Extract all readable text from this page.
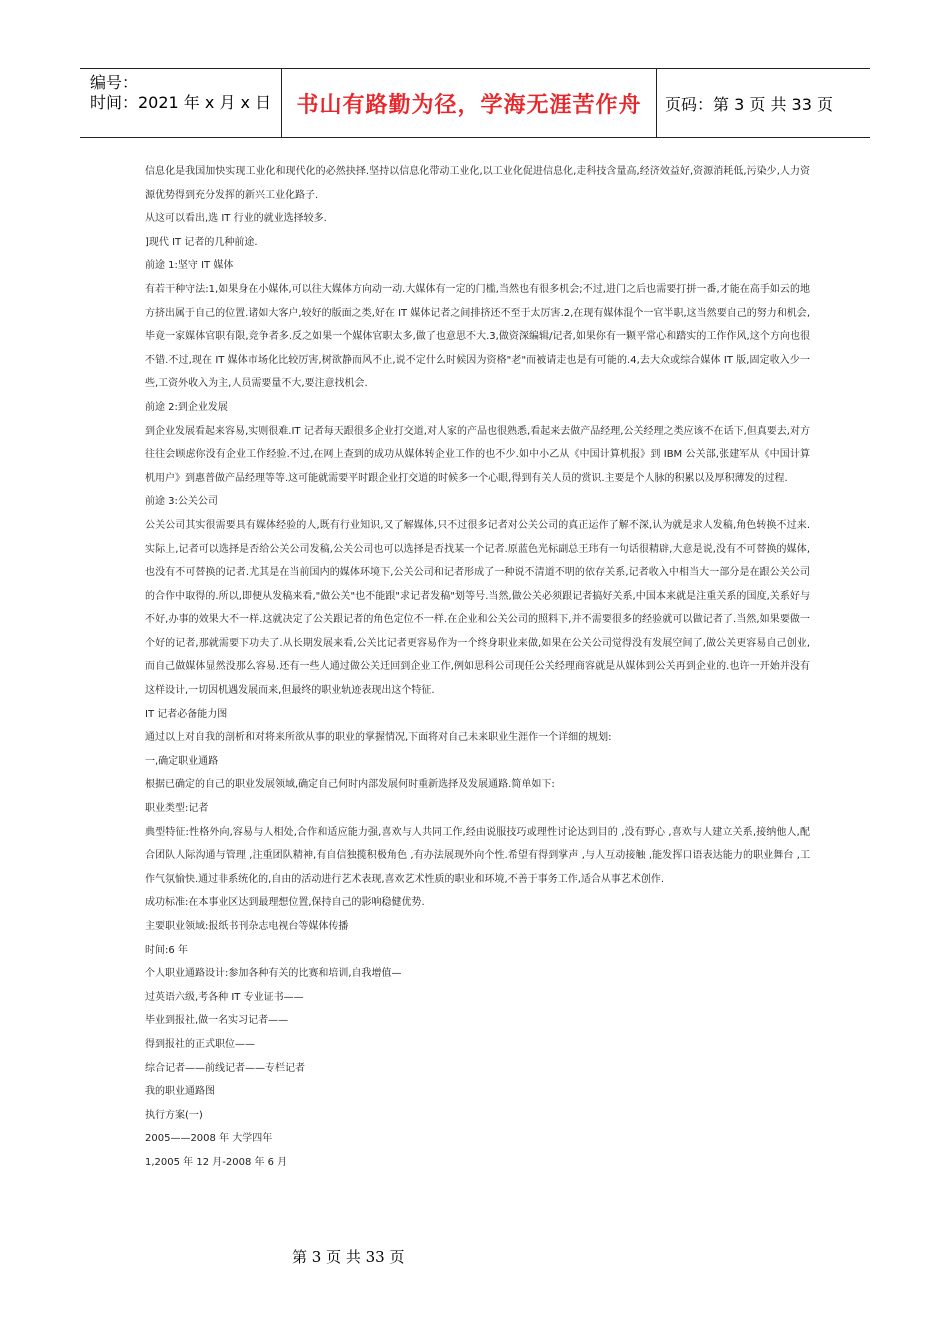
编号：
时间：2021 年 x 月 x 日	书山有路勤为径，学海无涯苦作舟	页码：第 3 页 共 33 页

信息化是我国加快实现工业化和现代化的必然抉择.坚持以信息化带动工业化,以工业化促进信息化,走科技含量高,经济效益好,资源消耗低,污染少,人力资源优势得到充分发挥的新兴工业化路子.

从这可以看出,选 IT 行业的就业选择较多.

]现代 IT 记者的几种前途.

前途 1:坚守 IT 媒体

有若干种守法:1,如果身在小媒体,可以往大媒体方向动一动.大媒体有一定的门槛,当然也有很多机会;不过,进门之后也需要打拼一番,才能在高手如云的地方挤出属于自己的位置.诸如大客户,较好的版面之类,好在 IT 媒体记者之间排挤还不至于太厉害.2,在现有媒体混个一官半职,这当然要自己的努力和机会,毕竟一家媒体官职有限,竞争者多.反之如果一个媒体官职太多,做了也意思不大.3,做资深编辑/记者,如果你有一颗平常心和踏实的工作作风,这个方向也很不错.不过,现在 IT 媒体市场化比较厉害,树欲静而风不止,说不定什么时候因为资格"老"而被请走也是有可能的.4,去大众或综合媒体 IT 版,固定收入少一些,工资外收入为主,人员需要量不大,要注意找机会.

前途 2:到企业发展

到企业发展看起来容易,实则很难.IT 记者每天跟很多企业打交道,对人家的产品也很熟悉,看起来去做产品经理,公关经理之类应该不在话下,但真要去,对方往往会顾虑你没有企业工作经验.不过,在网上查到的成功从媒体转企业工作的也不少.如中小乙从《中国计算机报》到 IBM 公关部,张建军从《中国计算机用户》到惠普做产品经理等等.这可能就需要平时跟企业打交道的时候多一个心眼,得到有关人员的赏识.主要是个人脉的积累以及厚积薄发的过程.

前途 3:公关公司

公关公司其实很需要具有媒体经验的人,既有行业知识,又了解媒体,只不过很多记者对公关公司的真正运作了解不深,认为就是求人发稿,角色转换不过来.实际上,记者可以选择是否给公关公司发稿,公关公司也可以选择是否找某一个记者.原蓝色光标副总王玮有一句话很精辟,大意是说,没有不可替换的媒体,也没有不可替换的记者.尤其是在当前国内的媒体环境下,公关公司和记者形成了一种说不清道不明的依存关系,记者收入中相当大一部分是在跟公关公司的合作中取得的.所以,即便从发稿来看,"做公关"也不能跟"求记者发稿"划等号.当然,做公关必须跟记者搞好关系,中国本来就是注重关系的国度,关系好与不好,办事的效果大不一样.这就决定了公关跟记者的角色定位不一样.在企业和公关公司的照料下,并不需要很多的经验就可以做记者了.当然,如果要做一个好的记者,那就需要下功夫了.从长期发展来看,公关比记者更容易作为一个终身职业来做,如果在公关公司觉得没有发展空间了,做公关更容易自己创业,而自己做媒体显然没那么容易.还有一些人通过做公关迁回到企业工作,例如思科公司现任公关经理商容就是从媒体到公关再到企业的.也许一开始并没有这样设计,一切因机遇发展而来,但最终的职业轨迹表现出这个特征.

IT 记者必备能力图

通过以上对自我的剖析和对将来所欲从事的职业的掌握情况,下面将对自己未来职业生涯作一个详细的规划:

一,确定职业通路

根据已确定的自己的职业发展领域,确定自己何时内部发展何时重新选择及发展通路.简单如下:

职业类型:记者

典型特征:性格外向,容易与人相处,合作和适应能力强,喜欢与人共同工作,经由说服技巧或理性讨论达到目的 ,没有野心 ,喜欢与人建立关系,接纳他人,配合团队人际沟通与管理 ,注重团队精神,有自信独揽积极角色 ,有办法展现外向个性.希望有得到掌声 ,与人互动接触 ,能发挥口语表达能力的职业舞台 ,工作气氛愉快.通过非系统化的,自由的活动进行艺术表现,喜欢艺术性质的职业和环境,不善于事务工作,适合从事艺术创作.

成功标准:在本事业区达到最理想位置,保持自己的影响稳健优势.

主要职业领域:报纸书刊杂志电视台等媒体传播

时间:6 年

个人职业通路设计:参加各种有关的比赛和培训,自我增值—

过英语六级,考各种 IT 专业证书——

毕业到报社,做一名实习记者——

得到报社的正式职位——

综合记者——前线记者——专栏记者

我的职业通路图

执行方案(一)

2005——2008 年 大学四年

1,2005 年 12 月-2008 年 6 月

第 3 页 共 33 页
